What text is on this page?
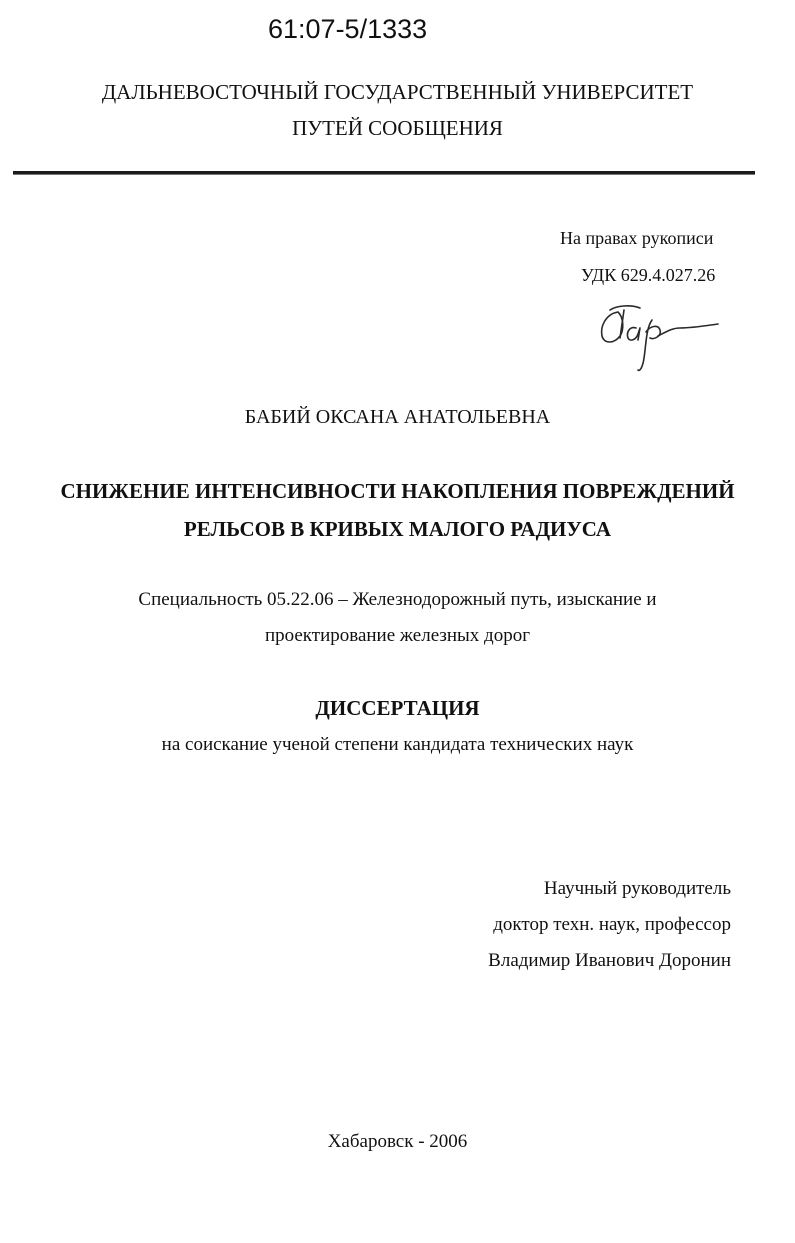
61:07-5/1333
ДАЛЬНЕВОСТОЧНЫЙ ГОСУДАРСТВЕННЫЙ УНИВЕРСИТЕТ
ПУТЕЙ СООБЩЕНИЯ
На правах рукописи
УДК 629.4.027.26
БАБИЙ ОКСАНА АНАТОЛЬЕВНА
СНИЖЕНИЕ ИНТЕНСИВНОСТИ НАКОПЛЕНИЯ ПОВРЕЖДЕНИЙ
РЕЛЬСОВ В КРИВЫХ МАЛОГО РАДИУСА
Специальность 05.22.06 – Железнодорожный путь, изыскание и
проектирование железных дорог
ДИССЕРТАЦИЯ
на соискание ученой степени кандидата технических наук
Научный руководитель
доктор техн. наук, профессор
Владимир Иванович Доронин
Хабаровск - 2006
